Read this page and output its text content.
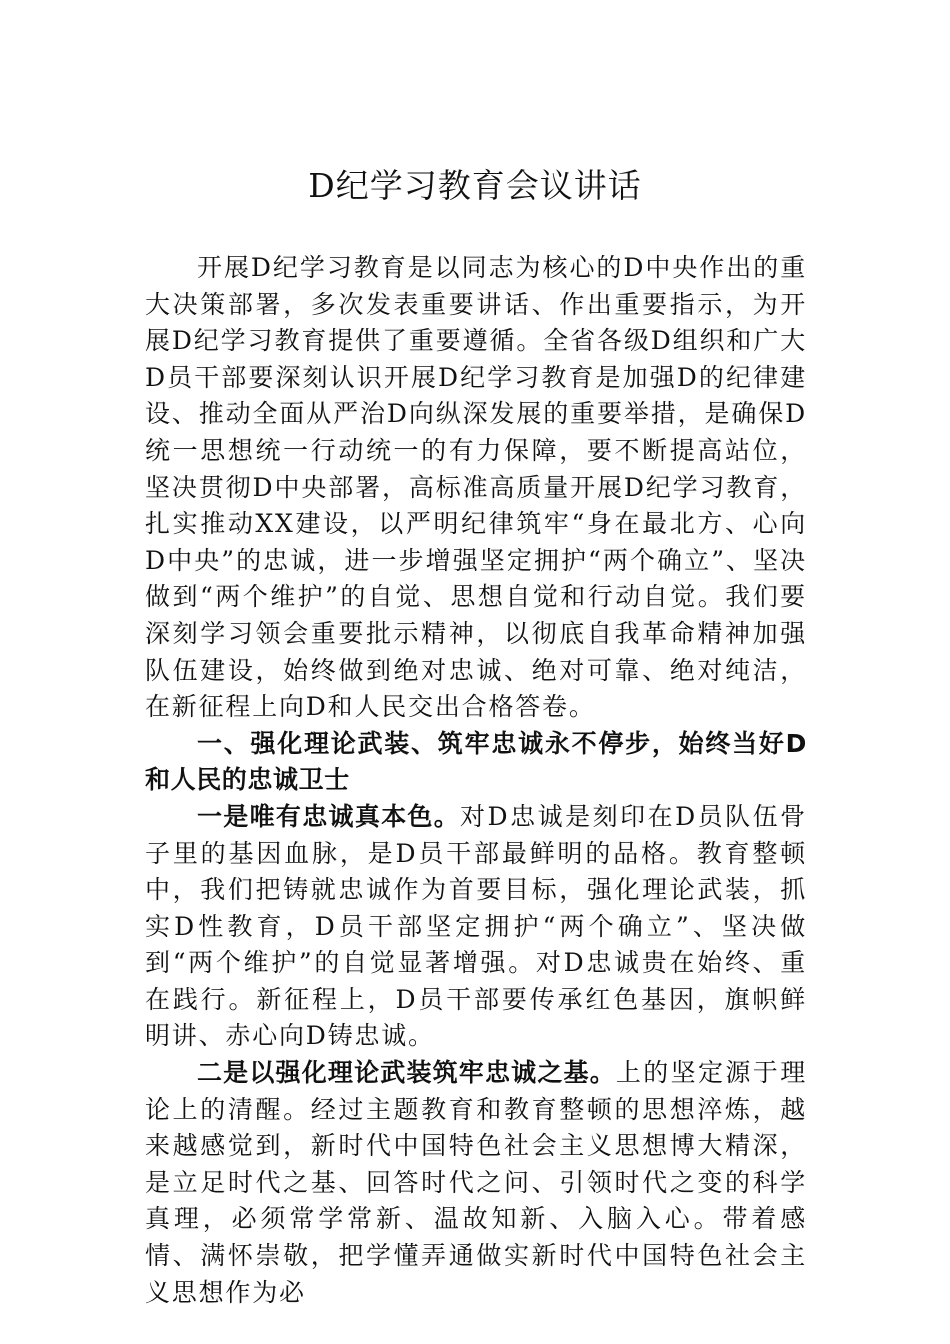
D纪学习教育会议讲话

开展D纪学习教育是以同志为核心的D中央作出的重大决策部署，多次发表重要讲话、作出重要指示，为开展D纪学习教育提供了重要遵循。全省各级D组织和广大D员干部要深刻认识开展D纪学习教育是加强D的纪律建设、推动全面从严治D向纵深发展的重要举措，是确保D统一思想统一行动统一的有力保障，要不断提高站位，坚决贯彻D中央部署，高标准高质量开展D纪学习教育，扎实推动XX建设，以严明纪律筑牢“身在最北方、心向D中央”的忠诚，进一步增强坚定拥护“两个确立”、坚决做到“两个维护”的自觉、思想自觉和行动自觉。我们要深刻学习领会重要批示精神，以彻底自我革命精神加强队伍建设，始终做到绝对忠诚、绝对可靠、绝对纯洁，在新征程上向D和人民交出合格答卷。

一、强化理论武装、筑牢忠诚永不停步，始终当好D和人民的忠诚卫士

一是唯有忠诚真本色。对D忠诚是刻印在D员队伍骨子里的基因血脉，是D员干部最鲜明的品格。教育整顿中，我们把铸就忠诚作为首要目标，强化理论武装，抓实D性教育，D员干部坚定拥护“两个确立”、坚决做到“两个维护”的自觉显著增强。对D忠诚贵在始终、重在践行。新征程上，D员干部要传承红色基因，旗帜鲜明讲、赤心向D铸忠诚。

二是以强化理论武装筑牢忠诚之基。上的坚定源于理论上的清醒。经过主题教育和教育整顿的思想淬炼，越来越感觉到，新时代中国特色社会主义思想博大精深，是立足时代之基、回答时代之问、引领时代之变的科学真理，必须常学常新、温故知新、入脑入心。带着感情、满怀崇敬，把学懂弄通做实新时代中国特色社会主义思想作为必
